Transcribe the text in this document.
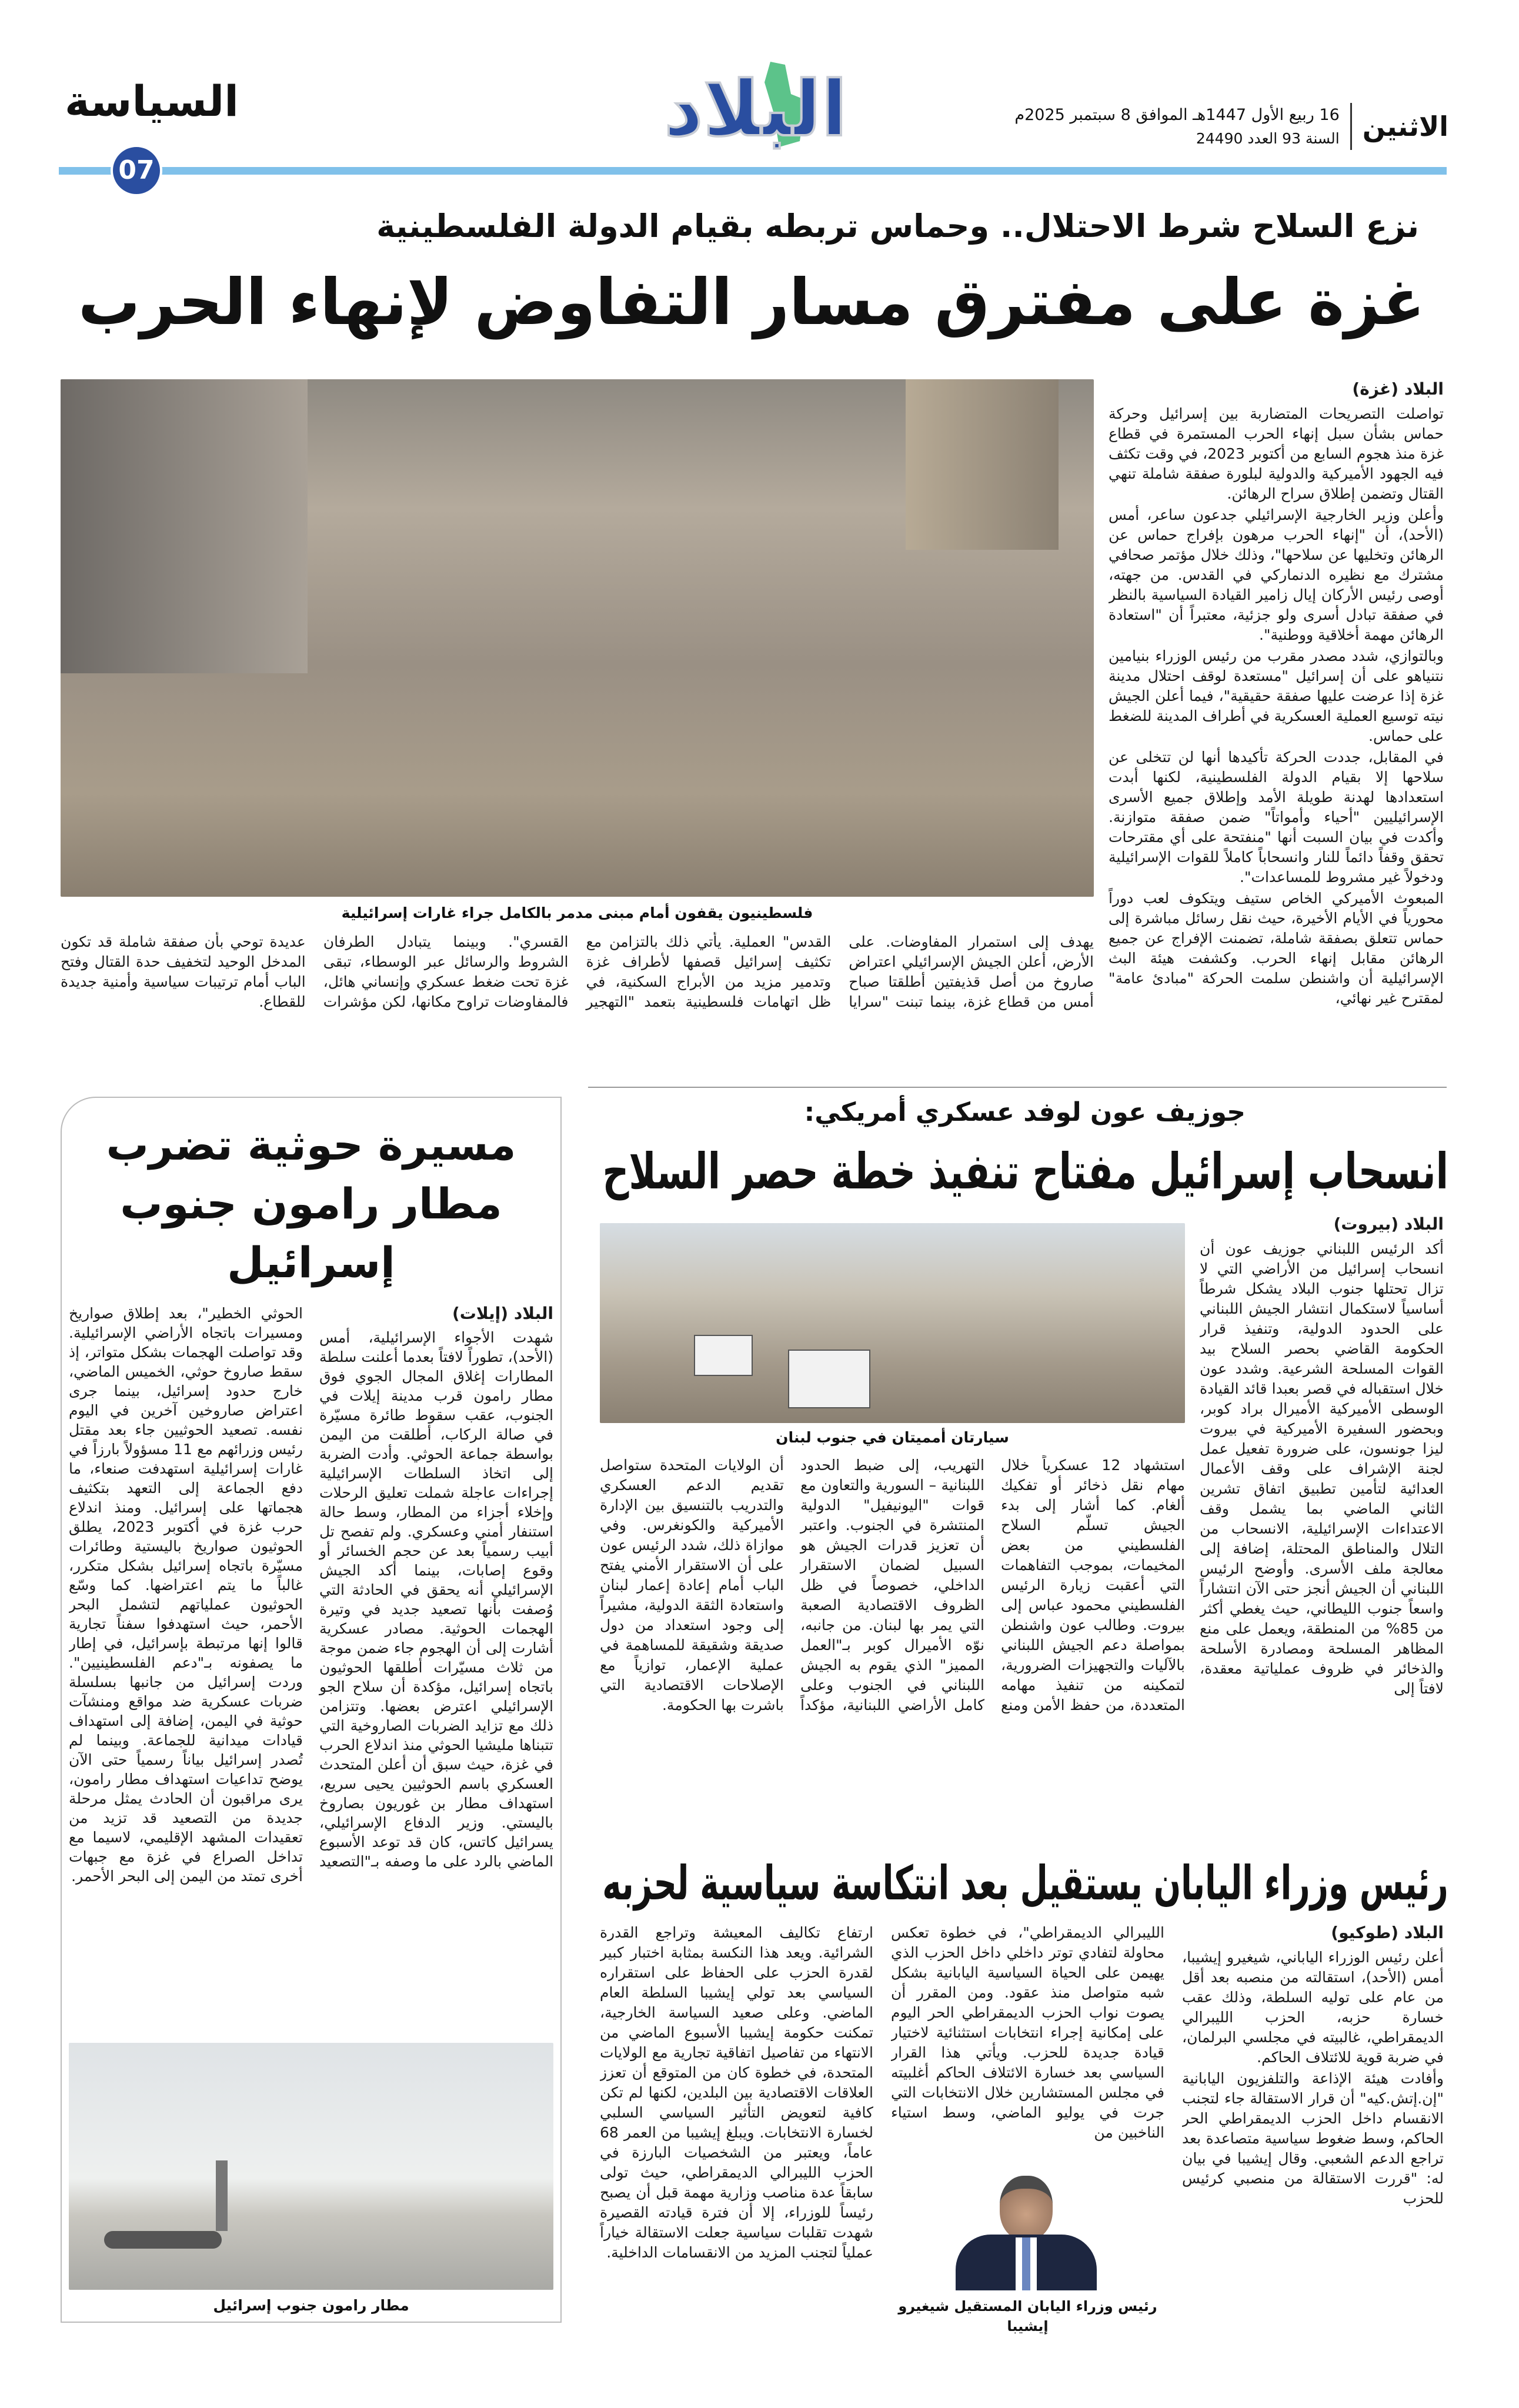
الاثنين
16 ربيع الأول 1447هـ الموافق 8 سبتمبر 2025م
السنة 93 العدد 24490
البلاد
السياسة
07
نزع السلاح شرط الاحتلال.. وحماس تربطه بقيام الدولة الفلسطينية
غزة على مفترق مسار التفاوض لإنهاء الحرب
فلسطينيون يقفون أمام مبنى مدمر بالكامل جراء غارات إسرائيلية
البلاد (غزة)

تواصلت التصريحات المتضاربة بين إسرائيل وحركة حماس بشأن سبل إنهاء الحرب المستمرة في قطاع غزة منذ هجوم السابع من أكتوبر 2023، في وقت تكثف فيه الجهود الأميركية والدولية لبلورة صفقة شاملة تنهي القتال وتضمن إطلاق سراح الرهائن.

وأعلن وزير الخارجية الإسرائيلي جدعون ساعر، أمس (الأحد)، أن "إنهاء الحرب مرهون بإفراج حماس عن الرهائن وتخليها عن سلاحها"، وذلك خلال مؤتمر صحافي مشترك مع نظيره الدنماركي في القدس. من جهته، أوصى رئيس الأركان إيال زامير القيادة السياسية بالنظر في صفقة تبادل أسرى ولو جزئية، معتبراً أن "استعادة الرهائن مهمة أخلاقية ووطنية".

وبالتوازي، شدد مصدر مقرب من رئيس الوزراء بنيامين نتنياهو على أن إسرائيل "مستعدة لوقف احتلال مدينة غزة إذا عرضت عليها صفقة حقيقية"، فيما أعلن الجيش نيته توسيع العملية العسكرية في أطراف المدينة للضغط على حماس.

في المقابل، جددت الحركة تأكيدها أنها لن تتخلى عن سلاحها إلا بقيام الدولة الفلسطينية، لكنها أبدت استعدادها لهدنة طويلة الأمد وإطلاق جميع الأسرى الإسرائيليين "أحياء وأمواتاً" ضمن صفقة متوازنة. وأكدت في بيان السبت أنها "منفتحة على أي مقترحات تحقق وقفاً دائماً للنار وانسحاباً كاملاً للقوات الإسرائيلية ودخولاً غير مشروط للمساعدات".

المبعوث الأميركي الخاص ستيف ويتكوف لعب دوراً محورياً في الأيام الأخيرة، حيث نقل رسائل مباشرة إلى حماس تتعلق بصفقة شاملة، تضمنت الإفراج عن جميع الرهائن مقابل إنهاء الحرب. وكشفت هيئة البث الإسرائيلية أن واشنطن سلمت الحركة "مبادئ عامة" لمقترح غير نهائي،

يهدف إلى استمرار المفاوضات. على الأرض، أعلن الجيش الإسرائيلي اعتراض صاروخ من أصل قذيفتين أطلقتا صباح أمس من قطاع غزة، بينما تبنت "سرايا القدس" العملية. يأتي ذلك بالتزامن مع تكثيف إسرائيل قصفها لأطراف غزة وتدمير مزيد من الأبراج السكنية، في ظل اتهامات فلسطينية بتعمد "التهجير القسري". وبينما يتبادل الطرفان الشروط والرسائل عبر الوسطاء، تبقى غزة تحت ضغط عسكري وإنساني هائل، فالمفاوضات تراوح مكانها، لكن مؤشرات عديدة توحي بأن صفقة شاملة قد تكون المدخل الوحيد لتخفيف حدة القتال وفتح الباب أمام ترتيبات سياسية وأمنية جديدة للقطاع.
مسيرة حوثية تضرب مطار رامون جنوب إسرائيل
البلاد (إيلات)
شهدت الأجواء الإسرائيلية، أمس (الأحد)، تطوراً لافتاً بعدما أعلنت سلطة المطارات إغلاق المجال الجوي فوق مطار رامون قرب مدينة إيلات في الجنوب، عقب سقوط طائرة مسيّرة في صالة الركاب، أطلقت من اليمن بواسطة جماعة الحوثي. وأدت الضربة إلى اتخاذ السلطات الإسرائيلية إجراءات عاجلة شملت تعليق الرحلات وإخلاء أجزاء من المطار، وسط حالة استنفار أمني وعسكري. ولم تفصح تل أبيب رسمياً بعد عن حجم الخسائر أو وقوع إصابات، بينما أكد الجيش الإسرائيلي أنه يحقق في الحادثة التي وُصفت بأنها تصعيد جديد في وتيرة الهجمات الحوثية. مصادر عسكرية أشارت إلى أن الهجوم جاء ضمن موجة من ثلاث مسيّرات أطلقها الحوثيون باتجاه إسرائيل، مؤكدة أن سلاح الجو الإسرائيلي اعترض بعضها. وتتزامن ذلك مع تزايد الضربات الصاروخية التي تتبناها مليشيا الحوثي منذ اندلاع الحرب في غزة، حيث سبق أن أعلن المتحدث العسكري باسم الحوثيين يحيى سريع، استهداف مطار بن غوريون بصاروخ باليستي. وزير الدفاع الإسرائيلي، يسرائيل كاتس، كان قد توعد الأسبوع الماضي بالرد على ما وصفه بـ"التصعيد الحوثي الخطير"، بعد إطلاق صواريخ ومسيرات باتجاه الأراضي الإسرائيلية. وقد تواصلت الهجمات بشكل متواتر، إذ سقط صاروخ حوثي، الخميس الماضي، خارج حدود إسرائيل، بينما جرى اعتراض صاروخين آخرين في اليوم نفسه. تصعيد الحوثيين جاء بعد مقتل رئيس وزرائهم مع 11 مسؤولاً بارزاً في غارات إسرائيلية استهدفت صنعاء، ما دفع الجماعة إلى التعهد بتكثيف هجماتها على إسرائيل. ومنذ اندلاع حرب غزة في أكتوبر 2023، يطلق الحوثيون صواريخ باليستية وطائرات مسيّرة باتجاه إسرائيل بشكل متكرر، غالباً ما يتم اعتراضها. كما وسّع الحوثيون عملياتهم لتشمل البحر الأحمر، حيث استهدفوا سفناً تجارية قالوا إنها مرتبطة بإسرائيل، في إطار ما يصفونه بـ"دعم الفلسطينيين". وردت إسرائيل من جانبها بسلسلة ضربات عسكرية ضد مواقع ومنشآت حوثية في اليمن، إضافة إلى استهداف قيادات ميدانية للجماعة. وبينما لم تُصدر إسرائيل بياناً رسمياً حتى الآن يوضح تداعيات استهداف مطار رامون، يرى مراقبون أن الحادث يمثل مرحلة جديدة من التصعيد قد تزيد من تعقيدات المشهد الإقليمي، لاسيما مع تداخل الصراع في غزة مع جبهات أخرى تمتد من اليمن إلى البحر الأحمر.
مطار رامون جنوب إسرائيل
جوزيف عون لوفد عسكري أمريكي:
انسحاب إسرائيل مفتاح تنفيذ خطة حصر السلاح
البلاد (بيروت)
أكد الرئيس اللبناني جوزيف عون أن انسحاب إسرائيل من الأراضي التي لا تزال تحتلها جنوب البلاد يشكل شرطاً أساسياً لاستكمال انتشار الجيش اللبناني على الحدود الدولية، وتنفيذ قرار الحكومة القاضي بحصر السلاح بيد القوات المسلحة الشرعية. وشدد عون خلال استقباله في قصر بعبدا قائد القيادة الوسطى الأميركية الأميرال براد كوبر، وبحضور السفيرة الأميركية في بيروت ليزا جونسون، على ضرورة تفعيل عمل لجنة الإشراف على وقف الأعمال العدائية لتأمين تطبيق اتفاق تشرين الثاني الماضي بما يشمل وقف الاعتداءات الإسرائيلية، الانسحاب من التلال والمناطق المحتلة، إضافة إلى معالجة ملف الأسرى. وأوضح الرئيس اللبناني أن الجيش أنجز حتى الآن انتشاراً واسعاً جنوب الليطاني، حيث يغطي أكثر من 85% من المنطقة، ويعمل على منع المظاهر المسلحة ومصادرة الأسلحة والذخائر في ظروف عملياتية معقدة، لافتاً إلى
سيارتان أمميتان في جنوب لبنان
استشهاد 12 عسكرياً خلال مهام نقل ذخائر أو تفكيك ألغام. كما أشار إلى بدء الجيش تسلّم السلاح الفلسطيني من بعض المخيمات، بموجب التفاهمات التي أعقبت زيارة الرئيس الفلسطيني محمود عباس إلى بيروت. وطالب عون واشنطن بمواصلة دعم الجيش اللبناني بالآليات والتجهيزات الضرورية، لتمكينه من تنفيذ مهامه المتعددة، من حفظ الأمن ومنع التهريب، إلى ضبط الحدود اللبنانية – السورية والتعاون مع قوات "اليونيفيل" الدولية المنتشرة في الجنوب. واعتبر أن تعزيز قدرات الجيش هو السبيل لضمان الاستقرار الداخلي، خصوصاً في ظل الظروف الاقتصادية الصعبة التي يمر بها لبنان. من جانبه، نوّه الأميرال كوبر بـ"العمل المميز" الذي يقوم به الجيش اللبناني في الجنوب وعلى كامل الأراضي اللبنانية، مؤكداً أن الولايات المتحدة ستواصل تقديم الدعم العسكري والتدريب بالتنسيق بين الإدارة الأميركية والكونغرس. وفي موازاة ذلك، شدد الرئيس عون على أن الاستقرار الأمني يفتح الباب أمام إعادة إعمار لبنان واستعادة الثقة الدولية، مشيراً إلى وجود استعداد من دول صديقة وشقيقة للمساهمة في عملية الإعمار، توازياً مع الإصلاحات الاقتصادية التي باشرت بها الحكومة.
رئيس وزراء اليابان يستقيل بعد انتكاسة سياسية لحزبه
البلاد (طوكيو)

أعلن رئيس الوزراء الياباني، شيغيرو إيشيبا، أمس (الأحد)، استقالته من منصبه بعد أقل من عام على توليه السلطة، وذلك عقب خسارة حزبه، الحزب الليبرالي الديمقراطي، غالبيته في مجلسي البرلمان، في ضربة قوية للائتلاف الحاكم.

وأفادت هيئة الإذاعة والتلفزيون اليابانية "إن.إتش.كيه" أن قرار الاستقالة جاء لتجنب الانقسام داخل الحزب الديمقراطي الحر الحاكم، وسط ضغوط سياسية متصاعدة بعد تراجع الدعم الشعبي. وقال إيشيبا في بيان له: "قررت الاستقالة من منصبي كرئيس للحزب

الليبرالي الديمقراطي"، في خطوة تعكس محاولة لتفادي توتر داخلي داخل الحزب الذي يهيمن على الحياة السياسية اليابانية بشكل شبه متواصل منذ عقود. ومن المقرر أن يصوت نواب الحزب الديمقراطي الحر اليوم على إمكانية إجراء انتخابات استثنائية لاختيار قيادة جديدة للحزب. ويأتي هذا القرار السياسي بعد خسارة الائتلاف الحاكم أغلبيته في مجلس المستشارين خلال الانتخابات التي جرت في يوليو الماضي، وسط استياء الناخبين من
ارتفاع تكاليف المعيشة وتراجع القدرة الشرائية. ويعد هذا النكسة بمثابة اختبار كبير لقدرة الحزب على الحفاظ على استقراره السياسي بعد تولي إيشيبا السلطة العام الماضي. وعلى صعيد السياسة الخارجية، تمكنت حكومة إيشيبا الأسبوع الماضي من الانتهاء من تفاصيل اتفاقية تجارية مع الولايات المتحدة، في خطوة كان من المتوقع أن تعزز العلاقات الاقتصادية بين البلدين، لكنها لم تكن كافية لتعويض التأثير السياسي السلبي لخسارة الانتخابات. ويبلغ إيشيبا من العمر 68 عاماً، ويعتبر من الشخصيات البارزة في الحزب الليبرالي الديمقراطي، حيث تولى سابقاً عدة مناصب وزارية مهمة قبل أن يصبح رئيساً للوزراء، إلا أن فترة قيادته القصيرة شهدت تقلبات سياسية جعلت الاستقالة خياراً عملياً لتجنب المزيد من الانقسامات الداخلية.
رئيس وزراء اليابان المستقيل شيغيرو إيشيبا
